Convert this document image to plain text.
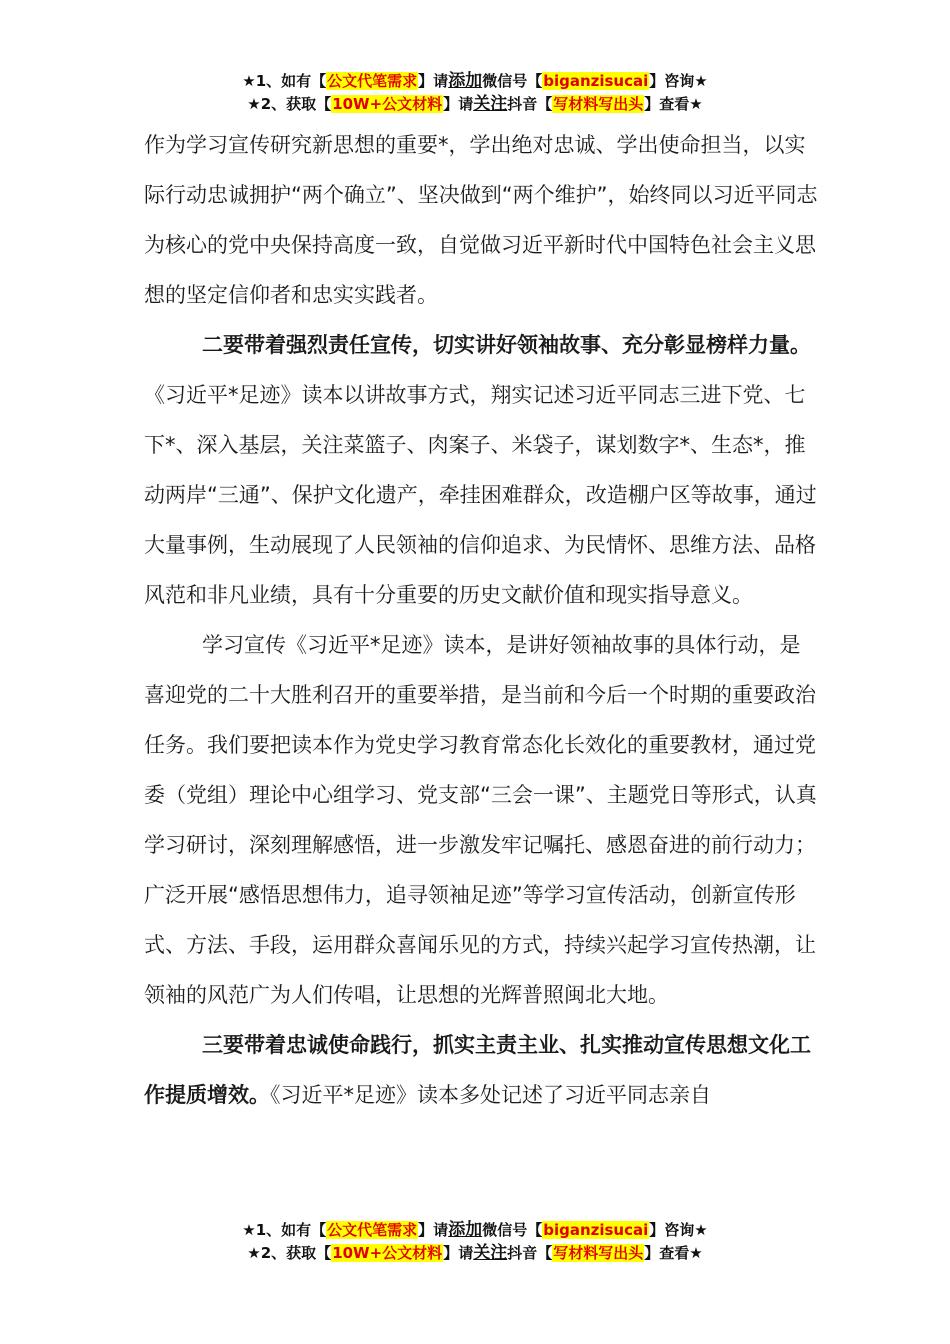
★1、如有【公文代笔需求】请添加微信号【biganzisucai】咨询★
★2、获取【10W+公文材料】请关注抖音【写材料写出头】查看★

作为学习宣传研究新思想的重要*，学出绝对忠诚、学出使命担当，以实际行动忠诚拥护“两个确立”、坚决做到“两个维护”，始终同以习近平同志为核心的党中央保持高度一致，自觉做习近平新时代中国特色社会主义思想的坚定信仰者和忠实实践者。

二要带着强烈责任宣传，切实讲好领袖故事、充分彰显榜样力量。《习近平*足迹》读本以讲故事方式，翔实记述习近平同志三进下党、七下*、深入基层，关注菜篮子、肉案子、米袋子，谋划数字*、生态*，推动两岸“三通”、保护文化遗产，牵挂困难群众，改造棚户区等故事，通过大量事例，生动展现了人民领袖的信仰追求、为民情怀、思维方法、品格风范和非凡业绩，具有十分重要的历史文献价值和现实指导意义。

学习宣传《习近平*足迹》读本，是讲好领袖故事的具体行动，是喜迎党的二十大胜利召开的重要举措，是当前和今后一个时期的重要政治任务。我们要把读本作为党史学习教育常态化长效化的重要教材，通过党委（党组）理论中心组学习、党支部“三会一课”、主题党日等形式，认真学习研讨，深刻理解感悟，进一步激发牢记嘱托、感恩奋进的前行动力；广泛开展“感悟思想伟力，追寻领袖足迹”等学习宣传活动，创新宣传形式、方法、手段，运用群众喜闻乐见的方式，持续兴起学习宣传热潮，让领袖的风范广为人们传唱，让思想的光辉普照闽北大地。

三要带着忠诚使命践行，抓实主责主业、扎实推动宣传思想文化工作提质增效。《习近平*足迹》读本多处记述了习近平同志亲自

★1、如有【公文代笔需求】请添加微信号【biganzisucai】咨询★
★2、获取【10W+公文材料】请关注抖音【写材料写出头】查看★
